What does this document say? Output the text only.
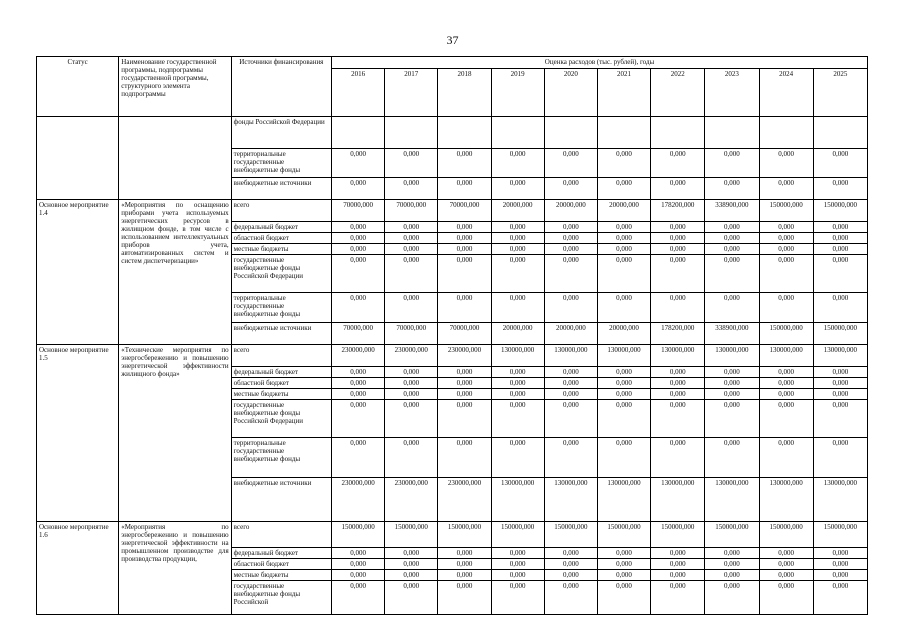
37
Статус	Наименование государственной программы, подпрограммы государственной программы, структурного элемента подпрограммы	Источники финансирования	Оценка расходов (тыс. рублей), годы									
			2016	2017	2018	2019	2020	2021	2022	2023	2024	2025
		фонды Российской Федерации										
		территориальные государственные внебюджетные фонды	0,000	0,000	0,000	0,000	0,000	0,000	0,000	0,000	0,000	0,000
		внебюджетные источники	0,000	0,000	0,000	0,000	0,000	0,000	0,000	0,000	0,000	0,000
Основное мероприятие 1.4	«Мероприятия по оснащению приборами учета используемых энергетических ресурсов в жилищном фонде, в том числе с использованием интеллектуальных приборов учета, автоматизированных систем и систем диспетчеризации»	всего	70000,000	70000,000	70000,000	20000,000	20000,000	20000,000	178200,000	338900,000	150000,000	150000,000
		федеральный бюджет	0,000	0,000	0,000	0,000	0,000	0,000	0,000	0,000	0,000	0,000
		областной бюджет	0,000	0,000	0,000	0,000	0,000	0,000	0,000	0,000	0,000	0,000
		местные бюджеты	0,000	0,000	0,000	0,000	0,000	0,000	0,000	0,000	0,000	0,000
		государственные внебюджетные фонды Российской Федерации	0,000	0,000	0,000	0,000	0,000	0,000	0,000	0,000	0,000	0,000
		территориальные государственные внебюджетные фонды	0,000	0,000	0,000	0,000	0,000	0,000	0,000	0,000	0,000	0,000
		внебюджетные источники	70000,000	70000,000	70000,000	20000,000	20000,000	20000,000	178200,000	338900,000	150000,000	150000,000
Основное мероприятие 1.5	«Технические мероприятия по энергосбережению и повышению энергетической эффективности жилищного фонда»	всего	230000,000	230000,000	230000,000	130000,000	130000,000	130000,000	130000,000	130000,000	130000,000	130000,000
		федеральный бюджет	0,000	0,000	0,000	0,000	0,000	0,000	0,000	0,000	0,000	0,000
		областной бюджет	0,000	0,000	0,000	0,000	0,000	0,000	0,000	0,000	0,000	0,000
		местные бюджеты	0,000	0,000	0,000	0,000	0,000	0,000	0,000	0,000	0,000	0,000
		государственные внебюджетные фонды Российской Федерации	0,000	0,000	0,000	0,000	0,000	0,000	0,000	0,000	0,000	0,000
		территориальные государственные внебюджетные фонды	0,000	0,000	0,000	0,000	0,000	0,000	0,000	0,000	0,000	0,000
		внебюджетные источники	230000,000	230000,000	230000,000	130000,000	130000,000	130000,000	130000,000	130000,000	130000,000	130000,000
Основное мероприятие 1.6	«Мероприятия по энергосбережению и повышению энергетической эффективности на промышленном производстве для производства продукции,	всего	150000,000	150000,000	150000,000	150000,000	150000,000	150000,000	150000,000	150000,000	150000,000	150000,000
		федеральный бюджет	0,000	0,000	0,000	0,000	0,000	0,000	0,000	0,000	0,000	0,000
		областной бюджет	0,000	0,000	0,000	0,000	0,000	0,000	0,000	0,000	0,000	0,000
		местные бюджеты	0,000	0,000	0,000	0,000	0,000	0,000	0,000	0,000	0,000	0,000
		государственные внебюджетные фонды Российской	0,000	0,000	0,000	0,000	0,000	0,000	0,000	0,000	0,000	0,000
